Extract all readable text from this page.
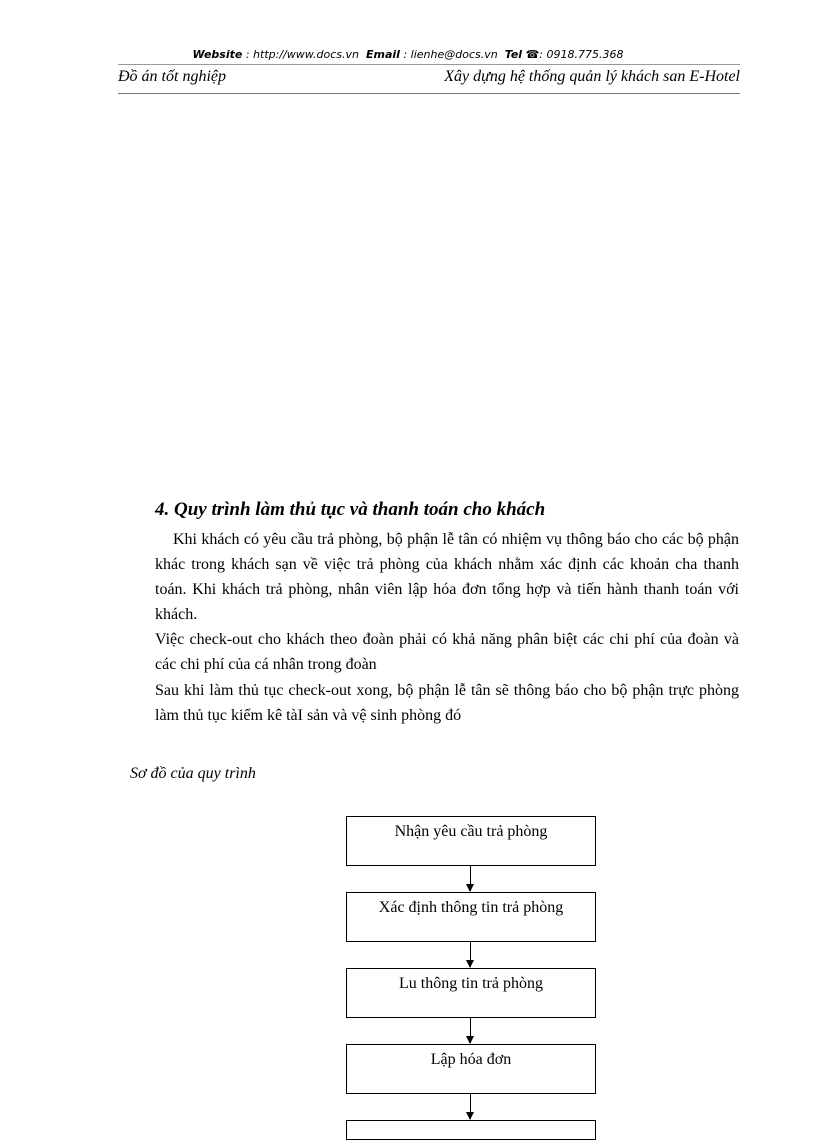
Website : http://www.docs.vn Email : lienhe@docs.vn Tel ☎: 0918.775.368
Đồ án tốt nghiệp	Xây dựng hệ thống quản lý khách san E-Hotel
4. Quy trình làm thủ tục và thanh toán cho khách
Khi khách có yêu cầu trả phòng, bộ phận lễ tân có nhiệm vụ thông báo cho các bộ phận khác trong khách sạn về việc trả phòng của khách nhằm xác định các khoản cha thanh toán. Khi khách trả phòng, nhân viên lập hóa đơn tổng hợp và tiến hành thanh toán với khách.
Việc check-out cho khách theo đoàn phải có khả năng phân biệt các chi phí của đoàn và các chi phí của cá nhân trong đoàn
Sau khi làm thủ tục check-out xong, bộ phận lễ tân sẽ thông báo cho bộ phận trực phòng làm thủ tục kiểm kê tàI sản và vệ sinh phòng đó
Sơ đồ của quy trình
Nhận yêu cầu trả phòng
Xác định thông tin trả phòng
Lu thông tin trả phòng
Lập hóa đơn
